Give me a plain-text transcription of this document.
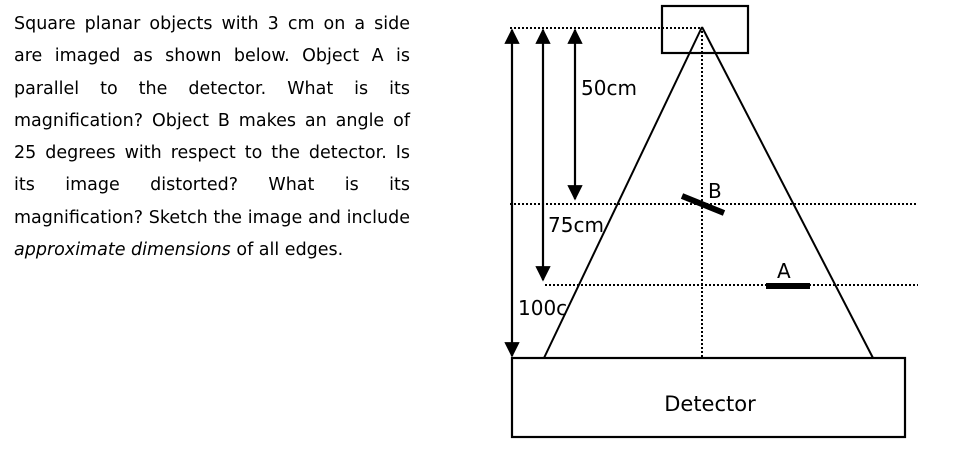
Square planar objects with 3 cm on a side are imaged as shown below. Object A is parallel to the detector. What is its magnification? Object B makes an angle of 25 degrees with respect to the detector. Is its image distorted? What is its magnification? Sketch the image and include approximate dimensions of all edges.

50cm
75cm
100c
B
A
Detector
